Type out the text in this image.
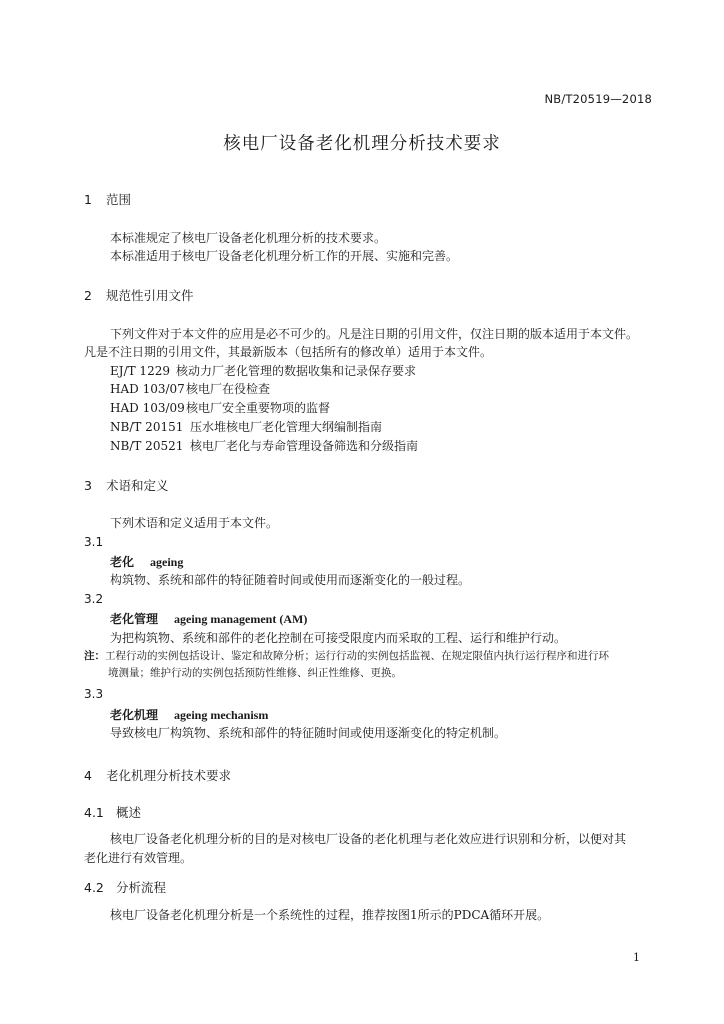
NB/T20519—2018
核电厂设备老化机理分析技术要求
1 范围
本标准规定了核电厂设备老化机理分析的技术要求。
本标准适用于核电厂设备老化机理分析工作的开展、实施和完善。
2 规范性引用文件
下列文件对于本文件的应用是必不可少的。凡是注日期的引用文件，仅注日期的版本适用于本文件。
凡是不注日期的引用文件，其最新版本（包括所有的修改单）适用于本文件。
EJ/T 1229 核动力厂老化管理的数据收集和记录保存要求
HAD 103/07核电厂在役检查
HAD 103/09核电厂安全重要物项的监督
NB/T 20151 压水堆核电厂老化管理大纲编制指南
NB/T 20521 核电厂老化与寿命管理设备筛选和分级指南
3 术语和定义
下列术语和定义适用于本文件。
3.1
老化 ageing
构筑物、系统和部件的特征随着时间或使用而逐渐变化的一般过程。
3.2
老化管理 ageing management (AM)
为把构筑物、系统和部件的老化控制在可接受限度内而采取的工程、运行和维护行动。
注：工程行动的实例包括设计、鉴定和故障分析；运行行动的实例包括监视、在规定限值内执行运行程序和进行环
境测量；维护行动的实例包括预防性维修、纠正性维修、更换。
3.3
老化机理 ageing mechanism
导致核电厂构筑物、系统和部件的特征随时间或使用逐渐变化的特定机制。
4 老化机理分析技术要求
4.1 概述
核电厂设备老化机理分析的目的是对核电厂设备的老化机理与老化效应进行识别和分析，以便对其
老化进行有效管理。
4.2 分析流程
核电厂设备老化机理分析是一个系统性的过程，推荐按图1所示的PDCA循环开展。
1
